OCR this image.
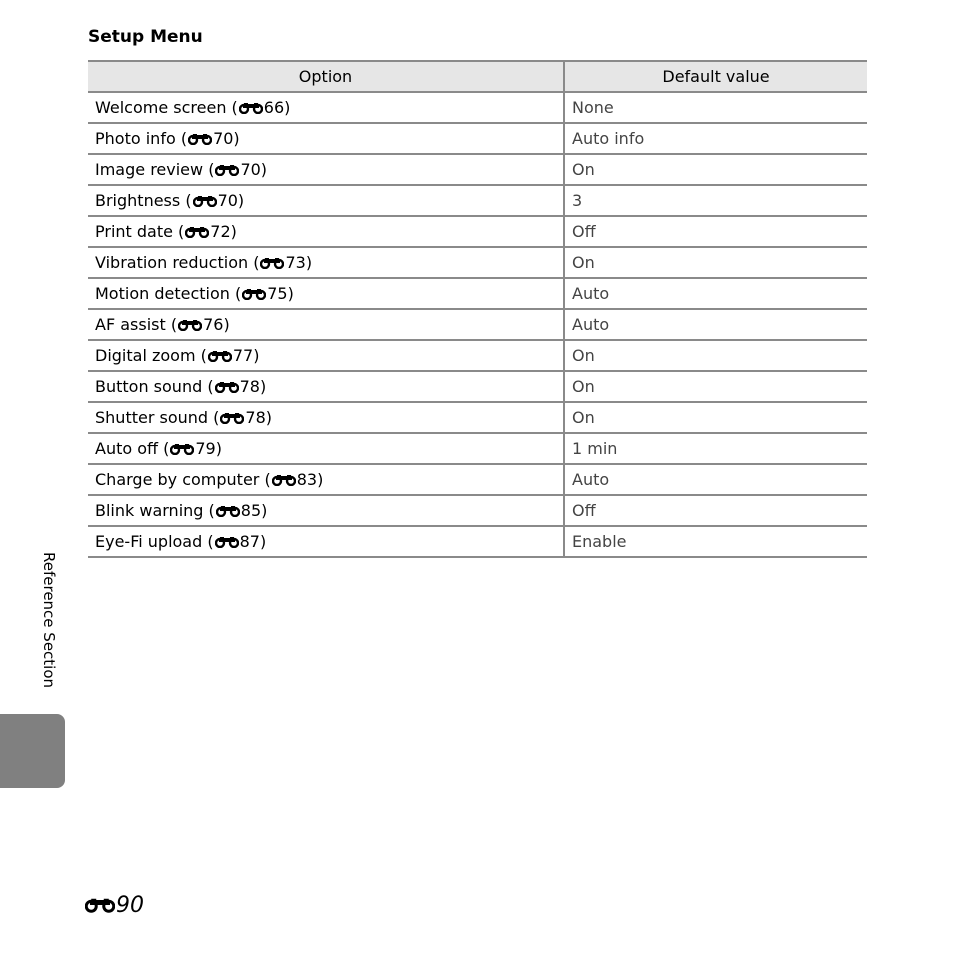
Setup Menu
Option	Default value
Welcome screen ( 66)	None
Photo info ( 70)	Auto info
Image review ( 70)	On
Brightness ( 70)	3
Print date ( 72)	Off
Vibration reduction ( 73)	On
Motion detection ( 75)	Auto
AF assist ( 76)	Auto
Digital zoom ( 77)	On
Button sound ( 78)	On
Shutter sound ( 78)	On
Auto off ( 79)	1 min
Charge by computer ( 83)	Auto
Blink warning ( 85)	Off
Eye-Fi upload ( 87)	Enable
Reference Section
90
